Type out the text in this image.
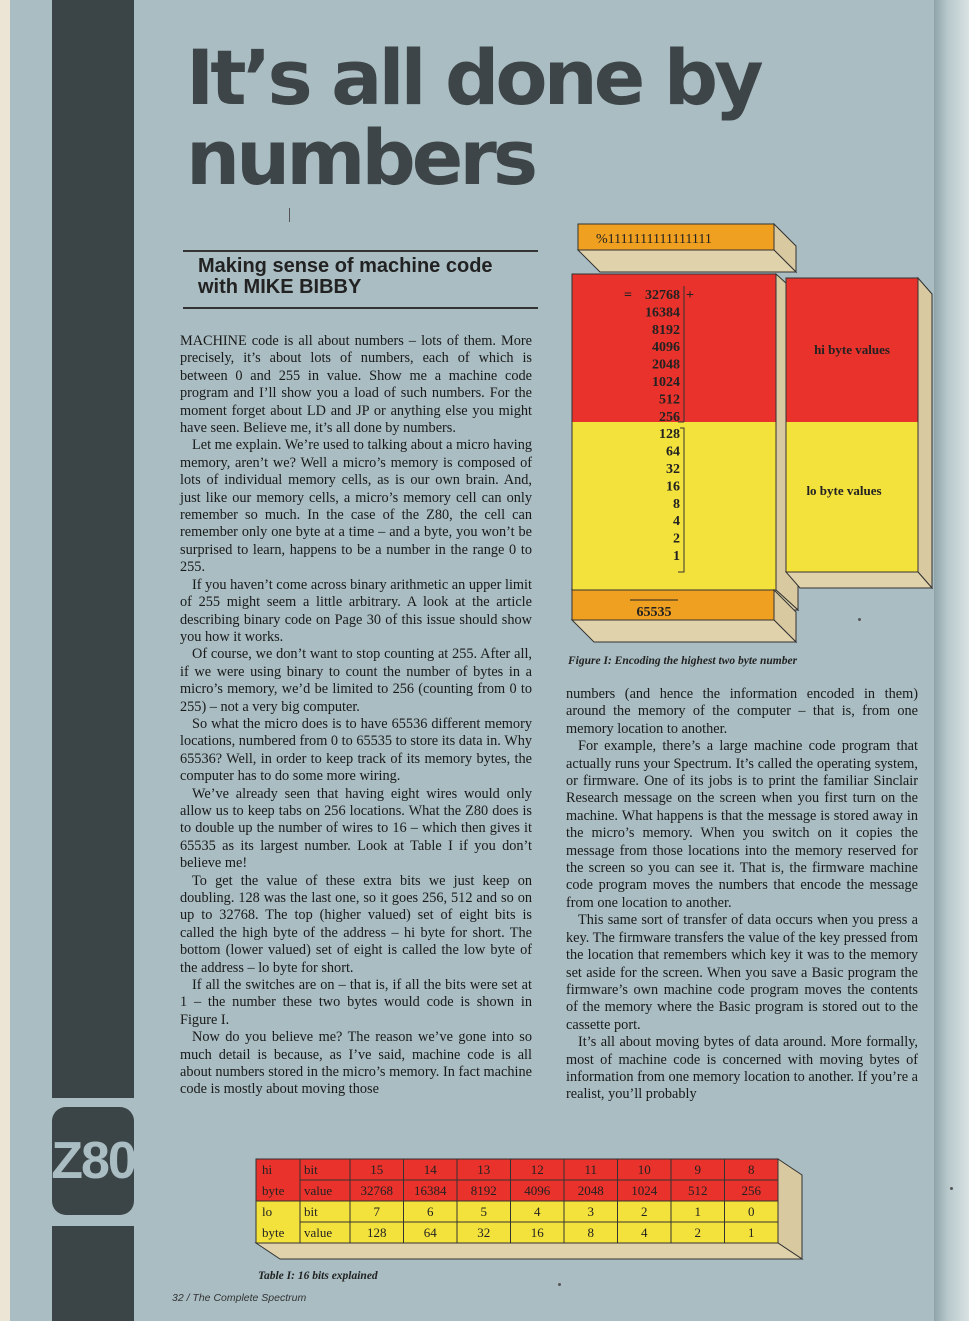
Z80
It’s all done by
numbers
Making sense of machine code
with MIKE BIBBY

MACHINE code is all about numbers – lots of them. More precisely, it’s about lots of numbers, each of which is between 0 and 255 in value. Show me a machine code program and I’ll show you a load of such numbers. For the moment forget about LD and JP or anything else you might have seen. Believe me, it’s all done by numbers.

Let me explain. We’re used to talking about a micro having memory, aren’t we? Well a micro’s memory is composed of lots of individual memory cells, as is our own brain. And, just like our memory cells, a micro’s memory cell can only remember so much. In the case of the Z80, the cell can remember only one byte at a time – and a byte, you won’t be surprised to learn, happens to be a number in the range 0 to 255.

If you haven’t come across binary arithmetic an upper limit of 255 might seem a little arbitrary. A look at the article describing binary code on Page 30 of this issue should show you how it works.

Of course, we don’t want to stop counting at 255. After all, if we were using binary to count the number of bytes in a micro’s memory, we’d be limited to 256 (counting from 0 to 255) – not a very big computer.

So what the micro does is to have 65536 different memory locations, numbered from 0 to 65535 to store its data in. Why 65536? Well, in order to keep track of its memory bytes, the computer has to do some more wiring.

We’ve already seen that having eight wires would only allow us to keep tabs on 256 locations. What the Z80 does is to double up the number of wires to 16 – which then gives it 65535 as its largest number. Look at Table I if you don’t believe me!

To get the value of these extra bits we just keep on doubling. 128 was the last one, so it goes 256, 512 and so on up to 32768. The top (higher valued) set of eight bits is called the high byte of the address – hi byte for short. The bottom (lower valued) set of eight is called the low byte of the address – lo byte for short.

If all the switches are on – that is, if all the bits were set at 1 – the number these two bytes would code is shown in Figure I.

Now do you believe me? The reason we’ve gone into so much detail is because, as I’ve said, machine code is all about numbers stored in the micro’s memory. In fact machine code is mostly about moving those

numbers (and hence the information encoded in them) around the memory of the computer – that is, from one memory location to another.

For example, there’s a large machine code program that actually runs your Spectrum. It’s called the operating system, or firmware. One of its jobs is to print the familiar Sinclair Research message on the screen when you first turn on the machine. What happens is that the message is stored away in the micro’s memory. When you switch on it copies the message from those locations into the memory reserved for the screen so you can see it. That is, the firmware machine code program moves the numbers that encode the message from one location to another.

This same sort of transfer of data occurs when you press a key. The firmware transfers the value of the key pressed from the location that remembers which key it was to the memory set aside for the screen. When you save a Basic program the firmware’s own machine code program moves the contents of the memory where the Basic program is stored out to the cassette port.

It’s all about moving bytes of data around. More formally, most of machine code is concerned with moving bytes of information from one memory location to another. If you’re a realist, you’ll probably

%1111111111111111
=	+
32768
16384
8192
4096
2048
1024
512
256
128
64
32
16
8
4
2
1
hi byte values
lo byte values
65535
Figure I: Encoding the highest two byte number
hi bit	15	14	13	12	11	10	9	8
byte value 32768 16384 8192 4096 2048 1024 512	256
lo bit	7	6	5	4	3	2	1	0
byte value	128	64	32	16	8	4	2	1
Table I: 16 bits explained
32 / The Complete Spectrum
